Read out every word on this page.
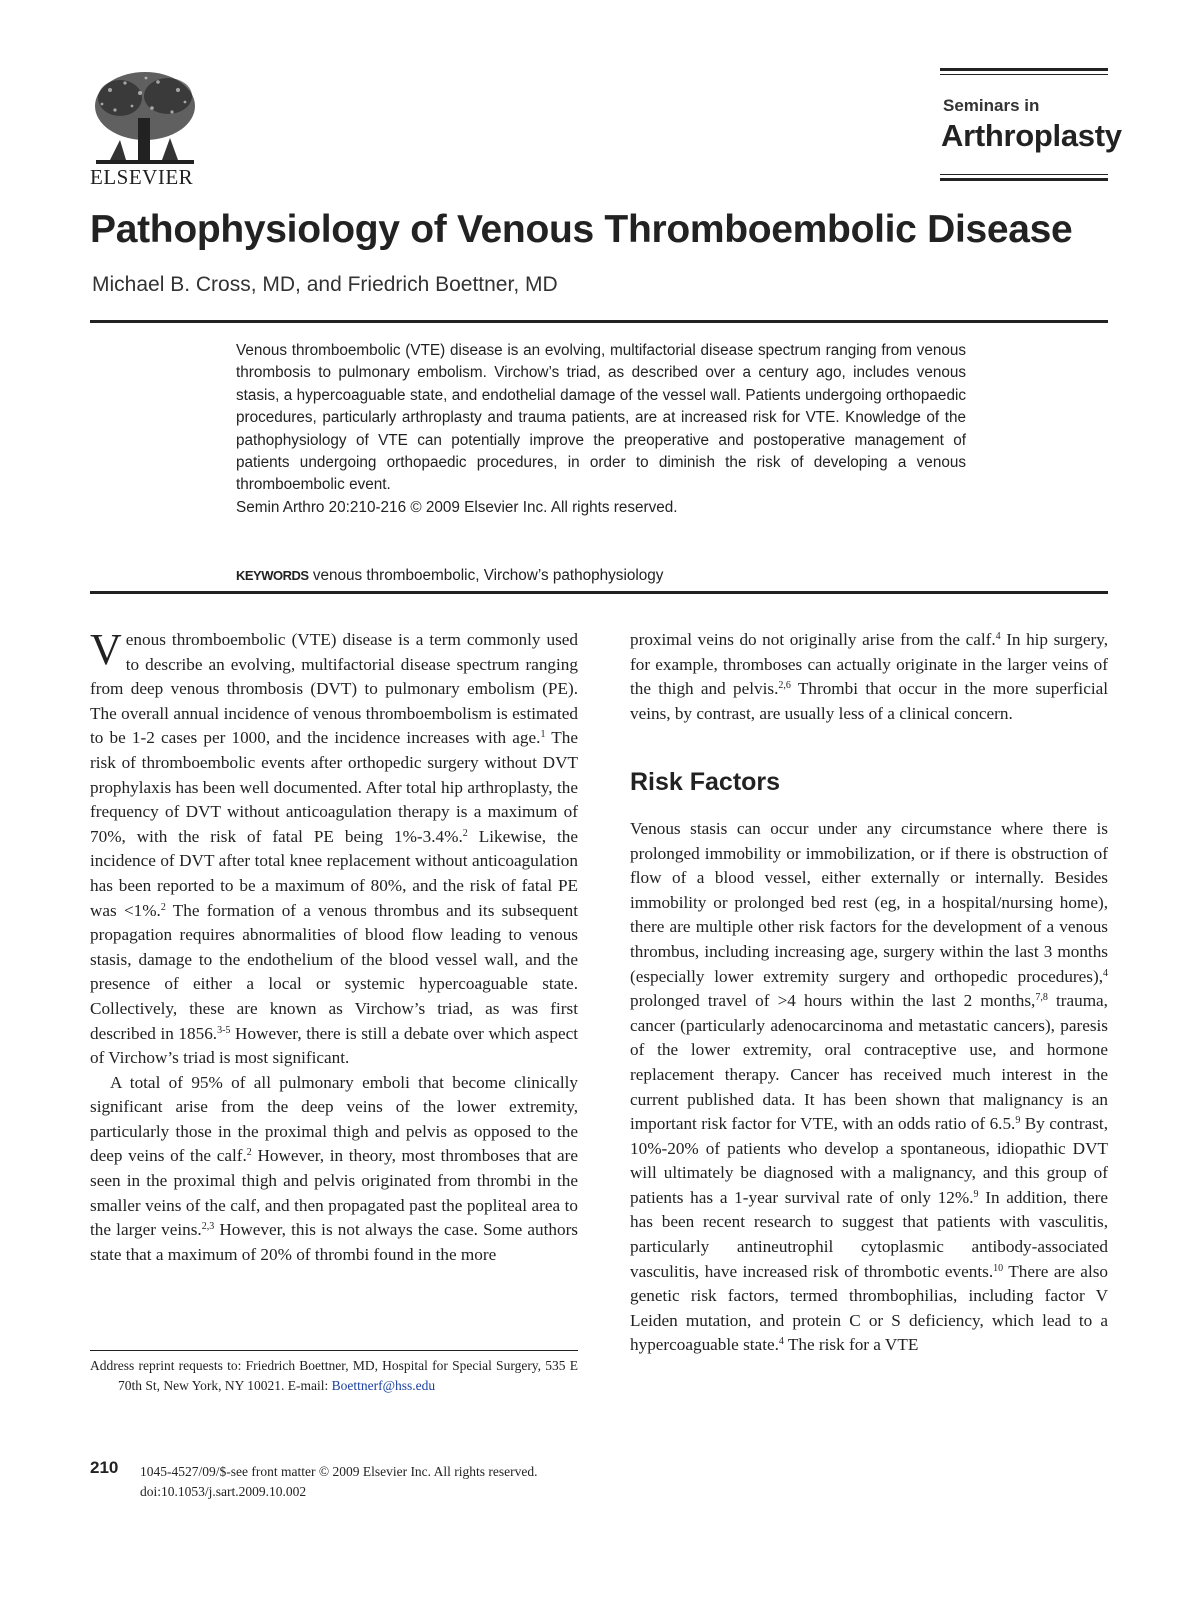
ELSEVIER
Seminars in
Arthroplasty
Pathophysiology of Venous Thromboembolic Disease
Michael B. Cross, MD, and Friedrich Boettner, MD

Venous thromboembolic (VTE) disease is an evolving, multifactorial disease spectrum ranging from venous thrombosis to pulmonary embolism. Virchow’s triad, as described over a century ago, includes venous stasis, a hypercoaguable state, and endothelial damage of the vessel wall. Patients undergoing orthopaedic procedures, particularly arthroplasty and trauma patients, are at increased risk for VTE. Knowledge of the pathophysiology of VTE can potentially improve the preoperative and postoperative management of patients undergoing orthopaedic procedures, in order to diminish the risk of developing a venous thromboembolic event.

Semin Arthro 20:210-216 © 2009 Elsevier Inc. All rights reserved.

KEYWORDS venous thromboembolic, Virchow’s pathophysiology

Venous thromboembolic (VTE) disease is a term commonly used to describe an evolving, multifactorial disease spectrum ranging from deep venous thrombosis (DVT) to pulmonary embolism (PE). The overall annual incidence of venous thromboembolism is estimated to be 1-2 cases per 1000, and the incidence increases with age.$^1$ The risk of thromboembolic events after orthopedic surgery without DVT prophylaxis has been well documented. After total hip arthroplasty, the frequency of DVT without anticoagulation therapy is a maximum of 70%, with the risk of fatal PE being 1%-3.4%.$^2$ Likewise, the incidence of DVT after total knee replacement without anticoagulation has been reported to be a maximum of 80%, and the risk of fatal PE was <1%.$^2$ The formation of a venous thrombus and its subsequent propagation requires abnormalities of blood flow leading to venous stasis, damage to the endothelium of the blood vessel wall, and the presence of either a local or systemic hypercoaguable state. Collectively, these are known as Virchow’s triad, as was first described in 1856.$^{3-5}$ However, there is still a debate over which aspect of Virchow’s triad is most significant.

A total of 95% of all pulmonary emboli that become clinically significant arise from the deep veins of the lower extremity, particularly those in the proximal thigh and pelvis as opposed to the deep veins of the calf.$^2$ However, in theory, most thromboses that are seen in the proximal thigh and pelvis originated from thrombi in the smaller veins of the calf, and then propagated past the popliteal area to the larger veins.$^{2,3}$ However, this is not always the case. Some authors state that a maximum of 20% of thrombi found in the more

proximal veins do not originally arise from the calf.$^4$ In hip surgery, for example, thromboses can actually originate in the larger veins of the thigh and pelvis.$^{2,6}$ Thrombi that occur in the more superficial veins, by contrast, are usually less of a clinical concern.

Risk Factors

Venous stasis can occur under any circumstance where there is prolonged immobility or immobilization, or if there is obstruction of flow of a blood vessel, either externally or internally. Besides immobility or prolonged bed rest (eg, in a hospital/nursing home), there are multiple other risk factors for the development of a venous thrombus, including increasing age, surgery within the last 3 months (especially lower extremity surgery and orthopedic procedures),$^4$ prolonged travel of >4 hours within the last 2 months,$^{7,8}$ trauma, cancer (particularly adenocarcinoma and metastatic cancers), paresis of the lower extremity, oral contraceptive use, and hormone replacement therapy. Cancer has received much interest in the current published data. It has been shown that malignancy is an important risk factor for VTE, with an odds ratio of 6.5.$^9$ By contrast, 10%-20% of patients who develop a spontaneous, idiopathic DVT will ultimately be diagnosed with a malignancy, and this group of patients has a 1-year survival rate of only 12%.$^9$ In addition, there has been recent research to suggest that patients with vasculitis, particularly antineutrophil cytoplasmic antibody-associated vasculitis, have increased risk of thrombotic events.$^{10}$ There are also genetic risk factors, termed thrombophilias, including factor V Leiden mutation, and protein C or S deficiency, which lead to a hypercoaguable state.$^4$ The risk for a VTE

Address reprint requests to: Friedrich Boettner, MD, Hospital for Special Surgery, 535 E 70th St, New York, NY 10021. E-mail: Boettnerf@hss.edu
210 1045-4527/09/$-see front matter © 2009 Elsevier Inc. All rights reserved.
doi:10.1053/j.sart.2009.10.002
